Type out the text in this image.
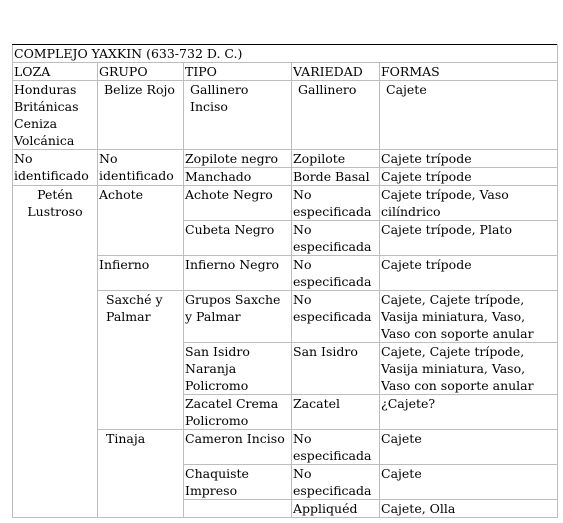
COMPLEJO YAXKIN (633-732 D. C.)				
LOZA	GRUPO	TIPO	VARIEDAD	FORMAS
Honduras Británicas Ceniza Volcánica	Belize Rojo	Gallinero Inciso	Gallinero	Cajete
No identificado	No identificado	Zopilote negro	Zopilote	Cajete trípode
		Manchado	Borde Basal	Cajete trípode
Petén Lustroso	Achote	Achote Negro	No especificada	Cajete trípode, Vaso cilíndrico
		Cubeta Negro	No especificada	Cajete trípode, Plato
	Infierno	Infierno Negro	No especificada	Cajete trípode
	Saxché y Palmar	Grupos Saxche y Palmar	No especificada	Cajete, Cajete trípode, Vasija miniatura, Vaso, Vaso con soporte anular
		San Isidro Naranja Policromo	San Isidro	Cajete, Cajete trípode, Vasija miniatura, Vaso, Vaso con soporte anular
		Zacatel Crema Policromo	Zacatel	¿Cajete?
	Tinaja	Cameron Inciso	No especificada	Cajete
		Chaquiste Impreso	No especificada	Cajete
			Appliquéd	Cajete, Olla
